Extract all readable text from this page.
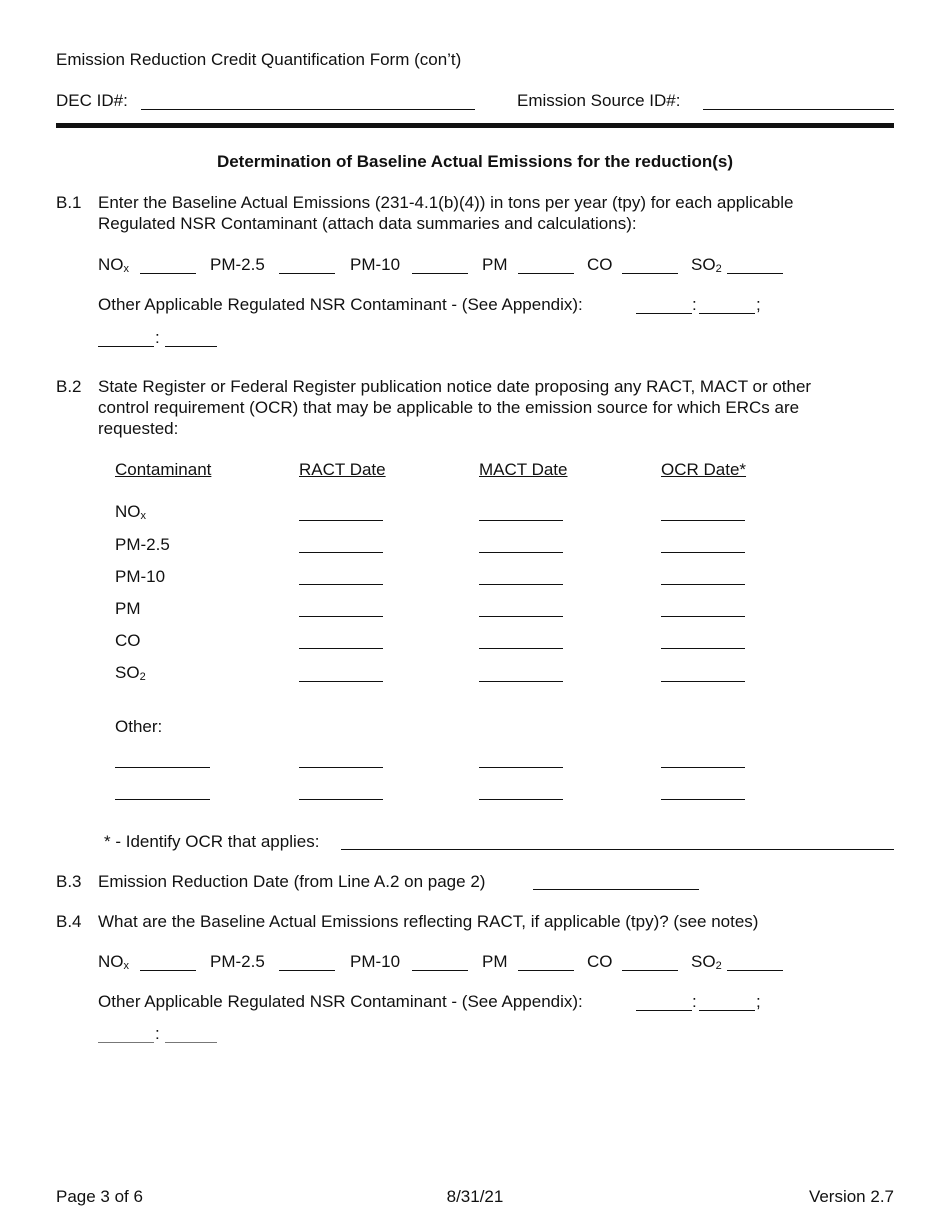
Emission Reduction Credit Quantification Form (con’t)
DEC ID#:	Emission Source ID#:
Determination of Baseline Actual Emissions for the reduction(s)
B.1 Enter the Baseline Actual Emissions (231-4.1(b)(4)) in tons per year (tpy) for each applicable
Regulated NSR Contaminant (attach data summaries and calculations):
$NO_x$	PM-2.5	PM-10	PM	CO	$SO_2$
Other Applicable Regulated NSR Contaminant - (See Appendix):	:	;
:
B.2 State Register or Federal Register publication notice date proposing any RACT, MACT or other
control requirement (OCR) that may be applicable to the emission source for which ERCs are
requested:
Contaminant	RACT Date	MACT Date	OCR Date*
$NO_x$
PM-2.5
PM-10
PM
CO
$SO_2$
Other:
* - Identify OCR that applies:
B.3 Emission Reduction Date (from Line A.2 on page 2)
B.4 What are the Baseline Actual Emissions reflecting RACT, if applicable (tpy)? (see notes)
$NO_x$	PM-2.5	PM-10	PM	CO	$SO_2$
Other Applicable Regulated NSR Contaminant - (See Appendix):	:	;
:
Page 3 of 6	8/31/21	Version 2.7
